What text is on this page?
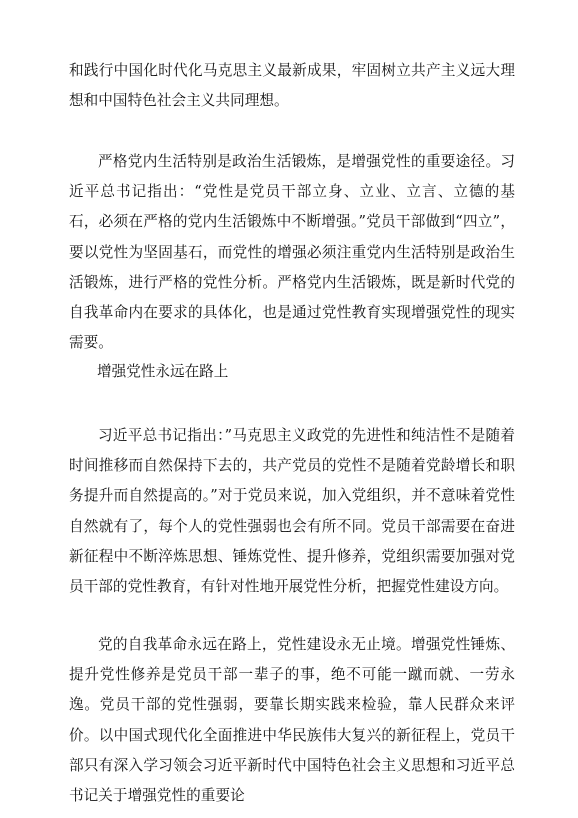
和践行中国化时代化马克思主义最新成果，牢固树立共产主义远大理想和中国特色社会主义共同理想。

严格党内生活特别是政治生活锻炼，是增强党性的重要途径。习近平总书记指出：“党性是党员干部立身、立业、立言、立德的基石，必须在严格的党内生活锻炼中不断增强。”党员干部做到“四立”，要以党性为坚固基石，而党性的增强必须注重党内生活特别是政治生活锻炼，进行严格的党性分析。严格党内生活锻炼，既是新时代党的自我革命内在要求的具体化，也是通过党性教育实现增强党性的现实需要。

增强党性永远在路上

习近平总书记指出：”马克思主义政党的先进性和纯洁性不是随着时间推移而自然保持下去的，共产党员的党性不是随着党龄增长和职务提升而自然提高的。”对于党员来说，加入党组织，并不意味着党性自然就有了，每个人的党性强弱也会有所不同。党员干部需要在奋进新征程中不断淬炼思想、锤炼党性、提升修养，党组织需要加强对党员干部的党性教育，有针对性地开展党性分析，把握党性建设方向。

党的自我革命永远在路上，党性建设永无止境。增强党性锤炼、提升党性修养是党员干部一辈子的事，绝不可能一蹴而就、一劳永逸。党员干部的党性强弱，要靠长期实践来检验，靠人民群众来评价。以中国式现代化全面推进中华民族伟大复兴的新征程上，党员干部只有深入学习领会习近平新时代中国特色社会主义思想和习近平总书记关于增强党性的重要论
